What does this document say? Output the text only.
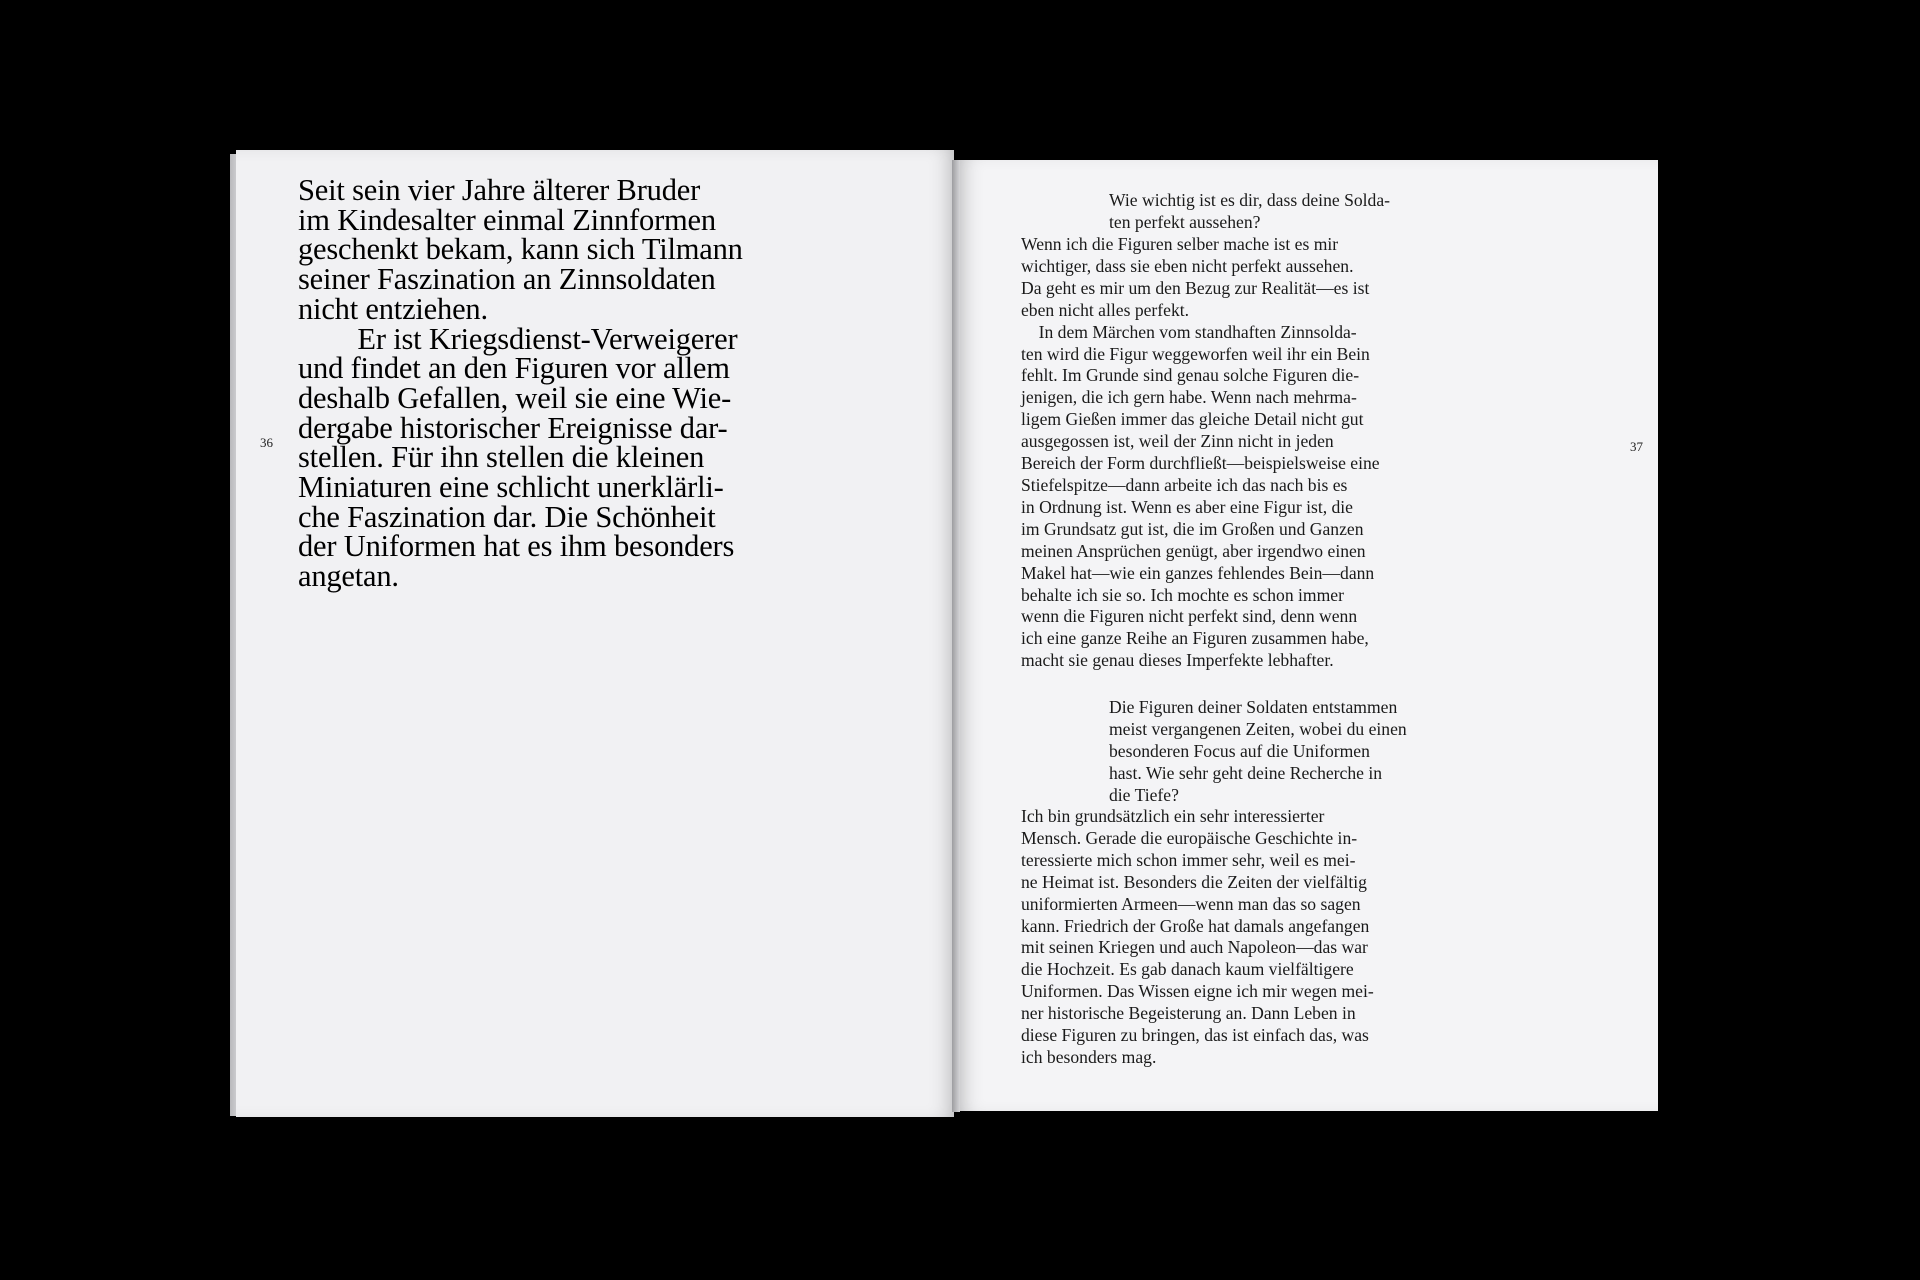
Seit sein vier Jahre älterer Bruder
im Kindesalter einmal Zinnformen
geschenkt bekam, kann sich Tilmann
seiner Faszination an Zinnsoldaten
nicht entziehen.
Er ist Kriegsdienst-Verweigerer
und findet an den Figuren vor allem
deshalb Gefallen, weil sie eine Wie-
dergabe historischer Ereignisse dar-
stellen. Für ihn stellen die kleinen
Miniaturen eine schlicht unerklärli-
che Faszination dar. Die Schönheit
der Uniformen hat es ihm besonders
angetan.

36

Wie wichtig ist es dir, dass deine Solda-
ten perfekt aussehen?

Wenn ich die Figuren selber mache ist es mir
wichtiger, dass sie eben nicht perfekt aussehen.
Da geht es mir um den Bezug zur Realität—es ist
eben nicht alles perfekt.
In dem Märchen vom standhaften Zinnsolda-
ten wird die Figur weggeworfen weil ihr ein Bein
fehlt. Im Grunde sind genau solche Figuren die-
jenigen, die ich gern habe. Wenn nach mehrma-
ligem Gießen immer das gleiche Detail nicht gut
ausgegossen ist, weil der Zinn nicht in jeden
Bereich der Form durchfließt—beispielsweise eine
Stiefelspitze—dann arbeite ich das nach bis es
in Ordnung ist. Wenn es aber eine Figur ist, die
im Grundsatz gut ist, die im Großen und Ganzen
meinen Ansprüchen genügt, aber irgendwo einen
Makel hat—wie ein ganzes fehlendes Bein—dann
behalte ich sie so. Ich mochte es schon immer
wenn die Figuren nicht perfekt sind, denn wenn
ich eine ganze Reihe an Figuren zusammen habe,
macht sie genau dieses Imperfekte lebhafter.

Die Figuren deiner Soldaten entstammen
meist vergangenen Zeiten, wobei du einen
besonderen Focus auf die Uniformen
hast. Wie sehr geht deine Recherche in
die Tiefe?

Ich bin grundsätzlich ein sehr interessierter
Mensch. Gerade die europäische Geschichte in-
teressierte mich schon immer sehr, weil es mei-
ne Heimat ist. Besonders die Zeiten der vielfältig
uniformierten Armeen—wenn man das so sagen
kann. Friedrich der Große hat damals angefangen
mit seinen Kriegen und auch Napoleon—das war
die Hochzeit. Es gab danach kaum vielfältigere
Uniformen. Das Wissen eigne ich mir wegen mei-
ner historische Begeisterung an. Dann Leben in
diese Figuren zu bringen, das ist einfach das, was
ich besonders mag.

37
